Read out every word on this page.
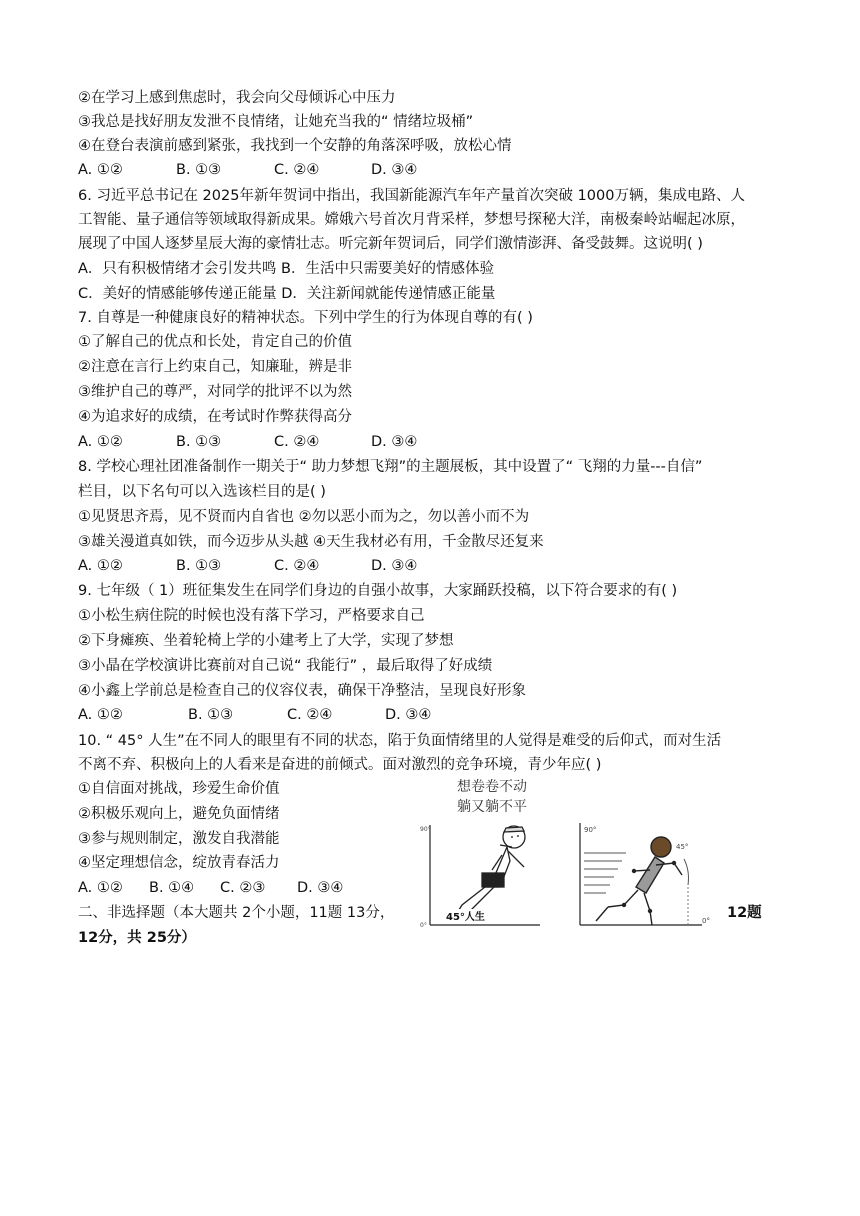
②在学习上感到焦虑时，我会向父母倾诉心中压力
③我总是找好朋友发泄不良情绪，让她充当我的“ 情绪垃圾桶”
④在登台表演前感到紧张，我找到一个安静的角落深呼吸，放松心情
A. ①②	B. ①③	C. ②④	D. ③④
6. 习近平总书记在 2025年新年贺词中指出，我国新能源汽车年产量首次突破 1000万辆，集成电路、人
工智能、量子通信等领域取得新成果。嫦娥六号首次月背采样，梦想号探秘大洋，南极秦岭站崛起冰原，
展现了中国人逐梦星辰大海的豪情壮志。听完新年贺词后，同学们激情澎湃、备受鼓舞。这说明( )
A．只有积极情绪才会引发共鸣 B．生活中只需要美好的情感体验
C．美好的情感能够传递正能量 D．关注新闻就能传递情感正能量
7. 自尊是一种健康良好的精神状态。下列中学生的行为体现自尊的有( )
①了解自己的优点和长处，肯定自己的价值
②注意在言行上约束自己，知廉耻，辨是非
③维护自己的尊严，对同学的批评不以为然
④为追求好的成绩，在考试时作弊获得高分
A. ①②	B. ①③	C. ②④	D. ③④
8. 学校心理社团准备制作一期关于“ 助力梦想飞翔”的主题展板，其中设置了“ 飞翔的力量---自信”
栏目，以下名句可以入选该栏目的是( )
①见贤思齐焉，见不贤而内自省也 ②勿以恶小而为之，勿以善小而不为
③雄关漫道真如铁，而今迈步从头越 ④天生我材必有用，千金散尽还复来
A. ①②	B. ①③	C. ②④	D. ③④
9. 七年级（ 1）班征集发生在同学们身边的自强小故事，大家踊跃投稿，以下符合要求的有( )
①小松生病住院的时候也没有落下学习，严格要求自己
②下身瘫痪、坐着轮椅上学的小建考上了大学，实现了梦想
③小晶在学校演讲比赛前对自己说“ 我能行” ，最后取得了好成绩
④小鑫上学前总是检查自己的仪容仪表，确保干净整洁，呈现良好形象
A. ①②	B. ①③	C. ②④	D. ③④
10. “ 45° 人生”在不同人的眼里有不同的状态，陷于负面情绪里的人觉得是难受的后仰式，而对生活
不离不弃、积极向上的人看来是奋进的前倾式。面对激烈的竞争环境，青少年应( )
①自信面对挑战，珍爱生命价值
②积极乐观向上，避免负面情绪
③参与规则制定，激发自我潜能
④坚定理想信念，绽放青春活力
A. ①② B. ①④ C. ②③ D. ③④
二、非选择题（本大题共 2个小题，11题 13分，	12题
12分，共 25分）
想卷卷不动
躺又躺不平
90°
0°
45°人生
90°
45°
0°
